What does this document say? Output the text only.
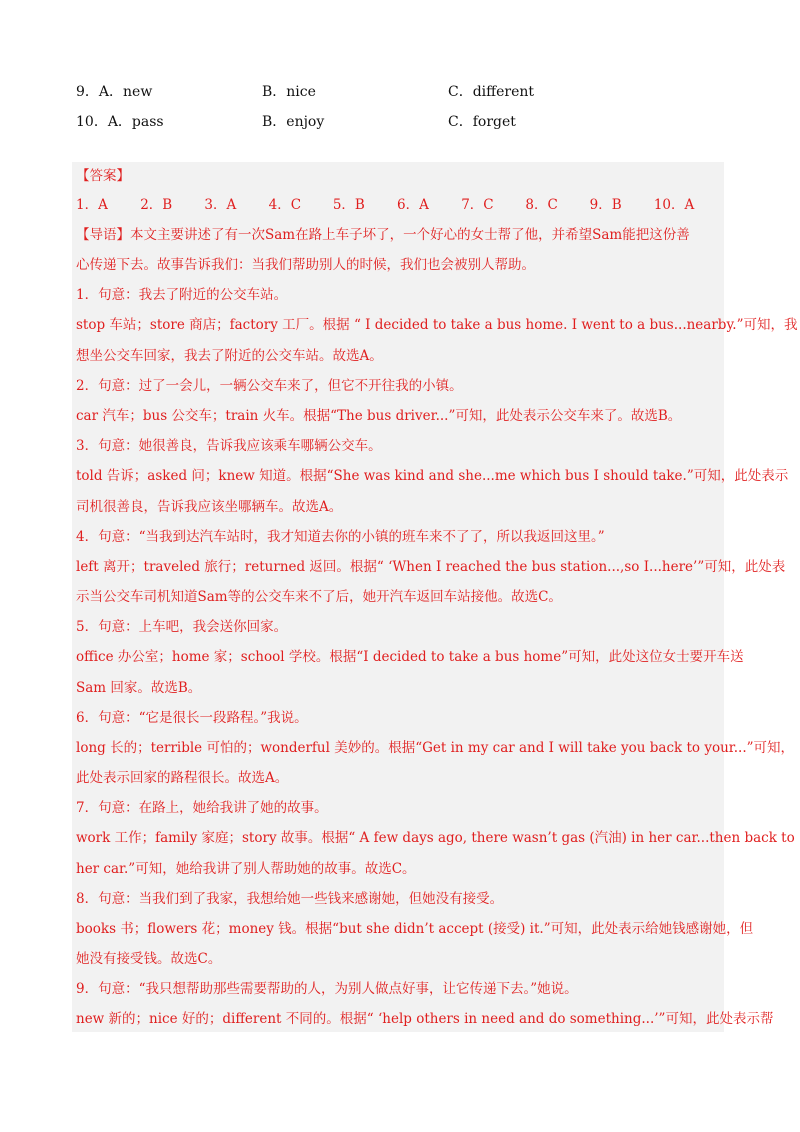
9．A．new	B．nice	C．different
10．A．pass	B．enjoy	C．forget
【答案】
1．A	2．B	3．A	4．C	5．B	6．A	7．C	8．C	9．B	10．A
【导语】本文主要讲述了有一次Sam在路上车子坏了，一个好心的女士帮了他，并希望Sam能把这份善
心传递下去。故事告诉我们：当我们帮助别人的时候，我们也会被别人帮助。
1．句意：我去了附近的公交车站。
stop 车站；store 商店；factory 工厂。根据 “ I decided to take a bus home. I went to a bus...nearby.”可知，我
想坐公交车回家，我去了附近的公交车站。故选A。
2．句意：过了一会儿，一辆公交车来了，但它不开往我的小镇。
car 汽车；bus 公交车；train 火车。根据“The bus driver...”可知，此处表示公交车来了。故选B。
3．句意：她很善良，告诉我应该乘车哪辆公交车。
told 告诉；asked 问；knew 知道。根据“She was kind and she...me which bus I should take.”可知，此处表示
司机很善良，告诉我应该坐哪辆车。故选A。
4．句意：“当我到达汽车站时，我才知道去你的小镇的班车来不了了，所以我返回这里。”
left 离开；traveled 旅行；returned 返回。根据“ ‘When I reached the bus station...,so I...here’”可知，此处表
示当公交车司机知道Sam等的公交车来不了后，她开汽车返回车站接他。故选C。
5．句意：上车吧，我会送你回家。
office 办公室；home 家；school 学校。根据“I decided to take a bus home”可知，此处这位女士要开车送
Sam 回家。故选B。
6．句意：“它是很长一段路程。”我说。
long 长的；terrible 可怕的；wonderful 美妙的。根据“Get in my car and I will take you back to your...”可知，
此处表示回家的路程很长。故选A。
7．句意：在路上，她给我讲了她的故事。
work 工作；family 家庭；story 故事。根据“ A few days ago, there wasn’t gas (汽油) in her car...then back to
her car.”可知，她给我讲了别人帮助她的故事。故选C。
8．句意：当我们到了我家，我想给她一些钱来感谢她，但她没有接受。
books 书；flowers 花；money 钱。根据“but she didn’t accept (接受) it.”可知，此处表示给她钱感谢她，但
她没有接受钱。故选C。
9．句意：“我只想帮助那些需要帮助的人，为别人做点好事，让它传递下去。”她说。
new 新的；nice 好的；different 不同的。根据“ ‘help others in need and do something...’”可知，此处表示帮
